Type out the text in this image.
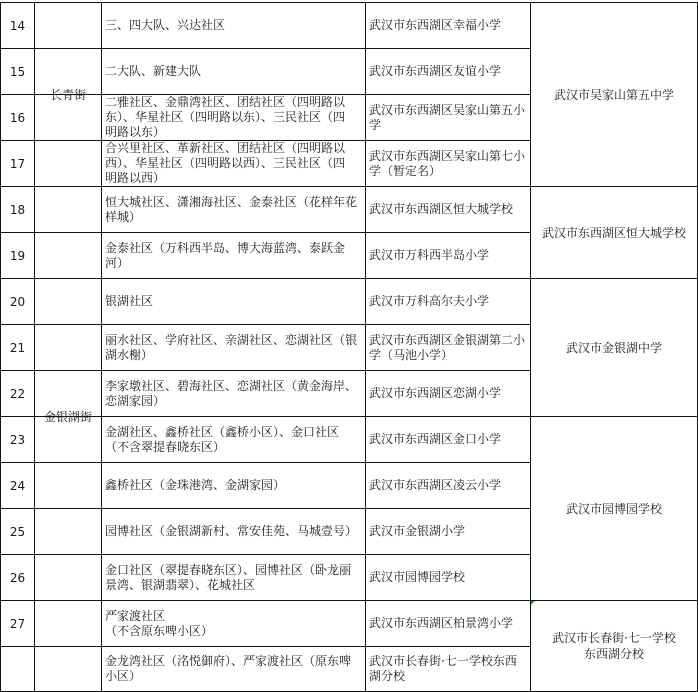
14
15
16
17
18
19
20
21
22
23
24
25
26
27
长青街
金银湖街
三、四大队、兴达社区
二大队、新建大队
二雅社区、金鼎湾社区、团结社区（四明路以
东）、华星社区（四明路以东）、三民社区（四
明路以东）
合兴里社区、革新社区、团结社区（四明路以
西）、华星社区（四明路以西）、三民社区（四
明路以西）
恒大城社区、潇湘海社区、金泰社区（花样年花
样城）
金泰社区（万科西半岛、博大海蓝湾、泰跃金
河）
银湖社区
丽水社区、学府社区、亲湖社区、恋湖社区（银
湖水榭）
李家墩社区、碧海社区、恋湖社区（黄金海岸、
恋湖家园）
金湖社区、鑫桥社区（鑫桥小区）、金口社区
（不含翠提春晓东区）
鑫桥社区（金珠港湾、金湖家园）
园博社区（金银湖新村、常安佳苑、马城壹号）
金口社区（翠提春晓东区）、园博社区（卧龙丽
景湾、银湖翡翠）、花城社区
严家渡社区
（不含原东啤小区）
金龙湾社区（洺悦御府）、严家渡社区（原东啤
小区）
武汉市东西湖区幸福小学
武汉市东西湖区友谊小学
武汉市东西湖区吴家山第五小
学
武汉市东西湖区吴家山第七小
学（暂定名）
武汉市东西湖区恒大城学校
武汉市万科西半岛小学
武汉市万科高尔夫小学
武汉市东西湖区金银湖第二小
学（马池小学）
武汉市东西湖区恋湖小学
武汉市东西湖区金口小学
武汉市东西湖区凌云小学
武汉市金银湖小学
武汉市园博园学校
武汉市东西湖区柏景湾小学
武汉市长春街·七一学校东西
湖分校
武汉市吴家山第五中学
武汉市东西湖区恒大城学校
武汉市金银湖中学
武汉市园博园学校
武汉市长春街·七一学校
东西湖分校
